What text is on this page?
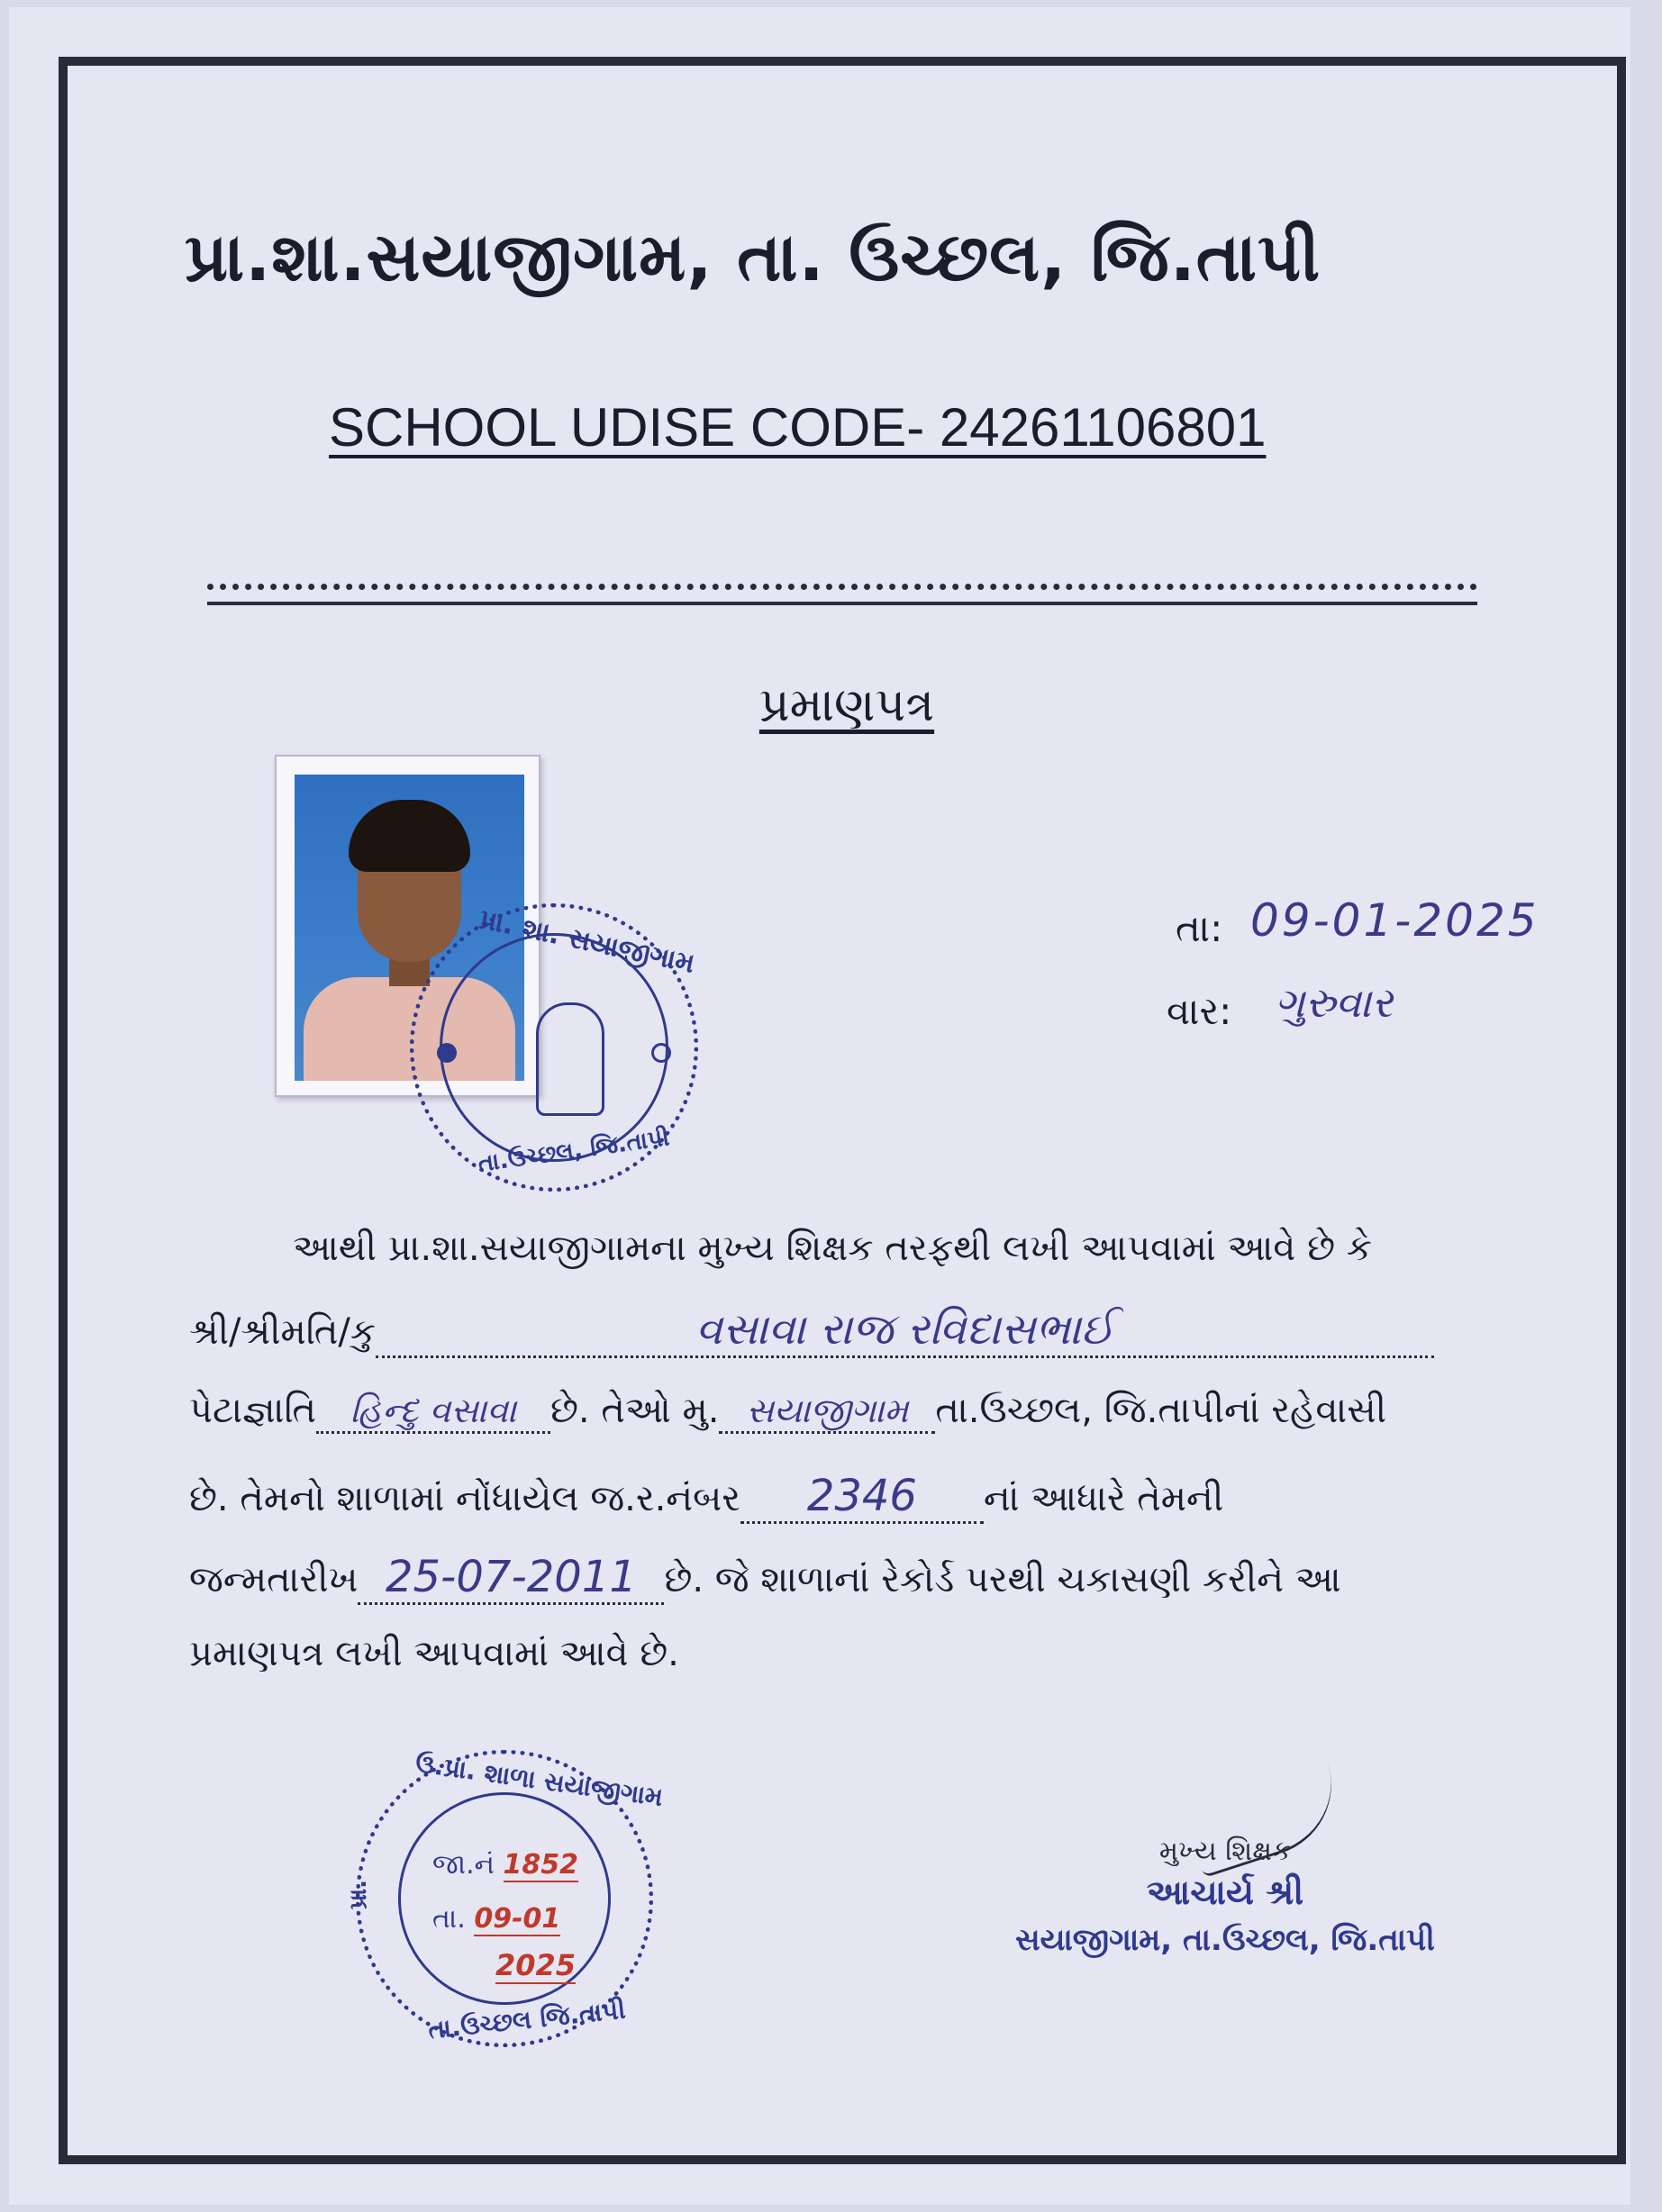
પ્રા.શા.સયાજીગામ, તા. ઉચ્છલ, જિ.તાપી
SCHOOL UDISE CODE- 24261106801
પ્રમાણપત્ર
પ્રા. શા. સયાજીગામ
તા.ઉચ્છલ, જિ.તાપી
તા: 09-01-2025
વાર: ગુરુવાર
આથી પ્રા.શા.સયાજીગામના મુખ્ય શિક્ષક તરફથી લખી આપવામાં આવે છે કે
શ્રી/શ્રીમતિ/કુ	વસાવા રાજ રવિદાસભાઈ
પેટાજ્ઞાતિ હિન્દુ વસાવા છે. તેઓ મુ. સયાજીગામ તા.ઉચ્છલ, જિ.તાપીનાં રહેવાસી
છે. તેમનો શાળામાં નોંધાયેલ જ.ર.નંબર 2346 નાં આધારે તેમની
જન્મતારીખ 25-07-2011 છે. જે શાળાનાં રેકોર્ડ પરથી ચકાસણી કરીને આ
પ્રમાણપત્ર લખી આપવામાં આવે છે.
ઉ.પ્રા. શાળા સયાજીગામ
પ્રા.
તા.ઉચ્છલ જિ.તાપી
જા.નં 1852
તા. 09-01
2025
મુખ્ય શિક્ષક
આચાર્ય શ્રી
સયાજીગામ, તા.ઉચ્છલ, જિ.તાપી
